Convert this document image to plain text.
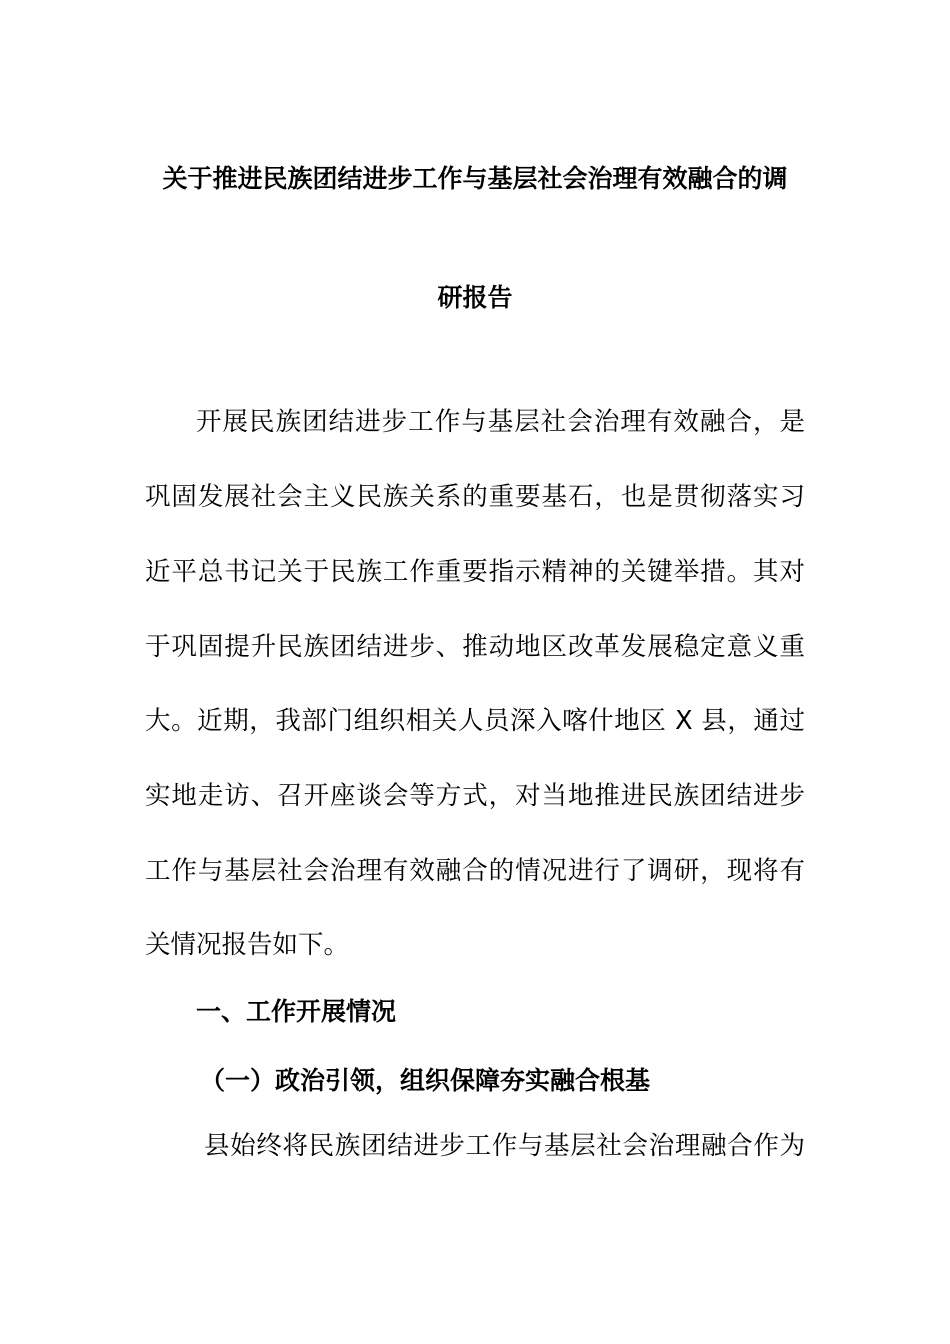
关于推进民族团结进步工作与基层社会治理有效融合的调
研报告
开展民族团结进步工作与基层社会治理有效融合，是
巩固发展社会主义民族关系的重要基石，也是贯彻落实习
近平总书记关于民族工作重要指示精神的关键举措。其对
于巩固提升民族团结进步、推动地区改革发展稳定意义重
大。近期，我部门组织相关人员深入喀什地区 X 县，通过
实地走访、召开座谈会等方式，对当地推进民族团结进步
工作与基层社会治理有效融合的情况进行了调研，现将有
关情况报告如下。
一、工作开展情况
（一）政治引领，组织保障夯实融合根基
县始终将民族团结进步工作与基层社会治理融合作为
